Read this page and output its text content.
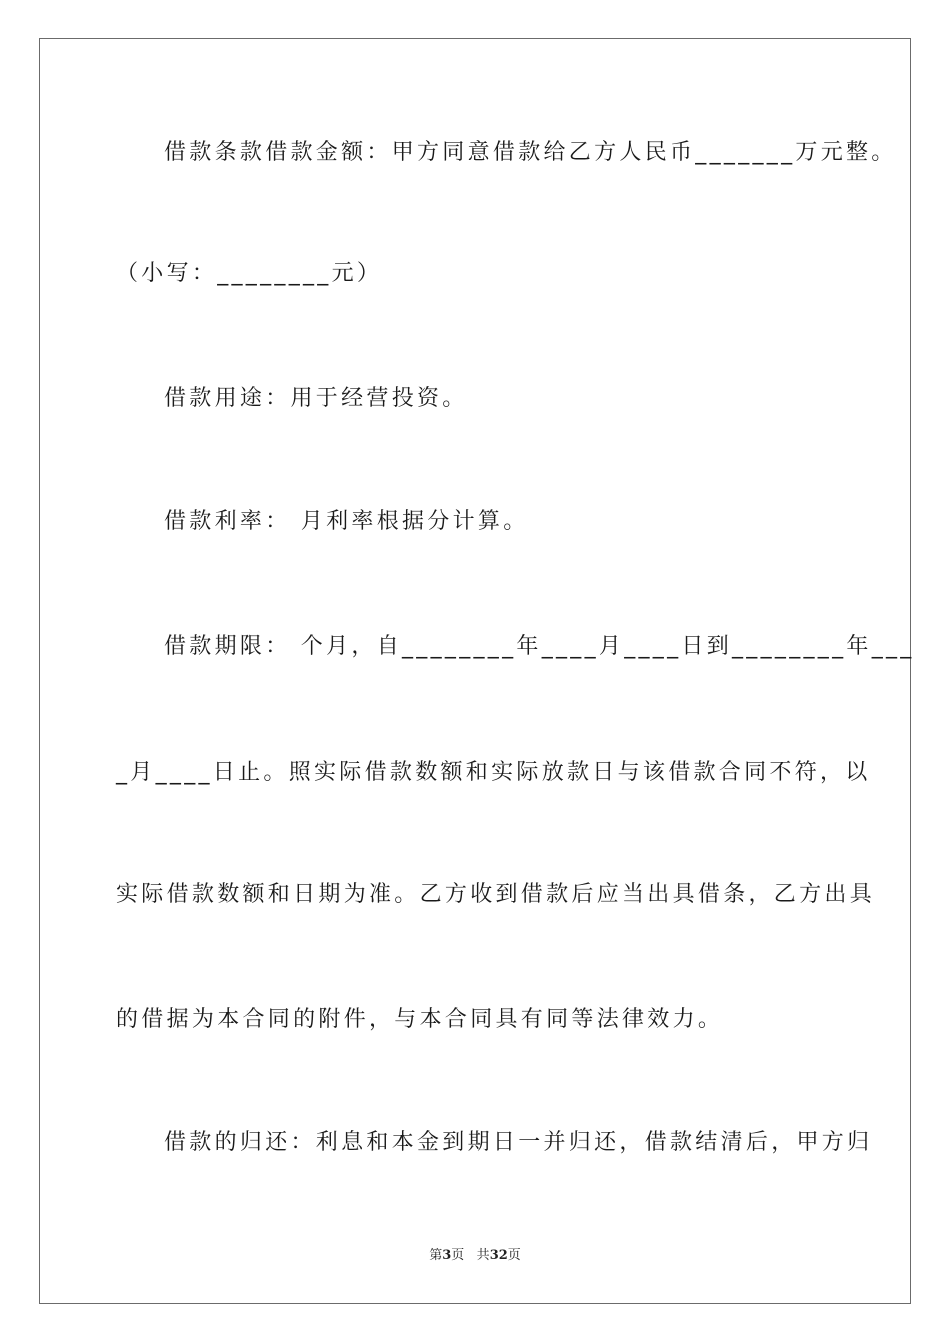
借款条款借款金额：甲方同意借款给乙方人民币_______万元整。
（小写：________元）
借款用途：用于经营投资。
借款利率： 月利率根据分计算。
借款期限： 个月，自________年____月____日到________年___
_月____日止。照实际借款数额和实际放款日与该借款合同不符，以
实际借款数额和日期为准。乙方收到借款后应当出具借条，乙方出具
的借据为本合同的附件，与本合同具有同等法律效力。
借款的归还：利息和本金到期日一并归还，借款结清后，甲方归
第3页 共32页
